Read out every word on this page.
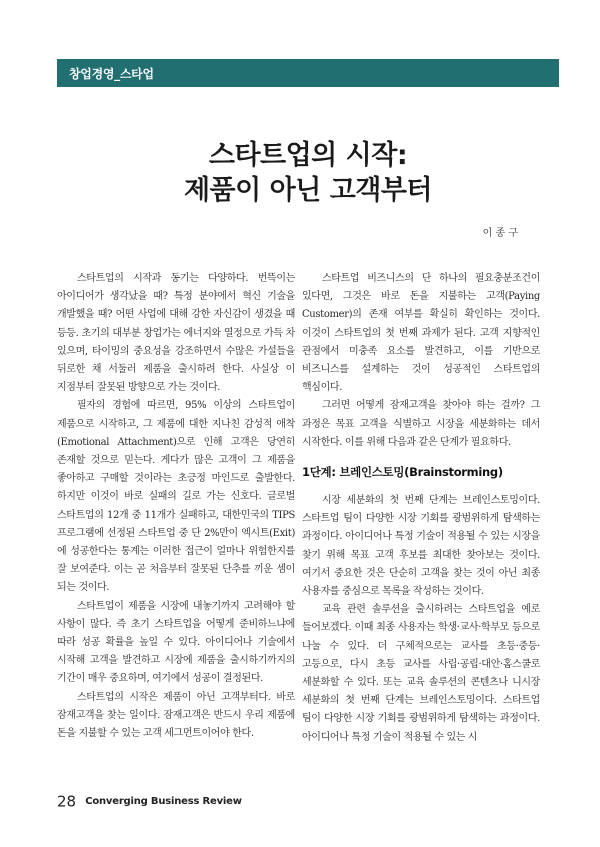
창업경영_스타업
스타트업의 시작:
제품이 아닌 고객부터
이 종 구

스타트업의 시작과 동기는 다양하다. 번뜩이는 아이디어가 생각났을 때? 특정 분야에서 혁신 기술을 개발했을 때? 어떤 사업에 대해 강한 자신감이 생겼을 때 등등. 초기의 대부분 창업가는 에너지와 열정으로 가득 차 있으며, 타이밍의 중요성을 강조하면서 수많은 가설들을 뒤로한 채 서둘러 제품을 출시하려 한다. 사실상 이 지점부터 잘못된 방향으로 가는 것이다.

필자의 경험에 따르면, 95% 이상의 스타트업이 제품으로 시작하고, 그 제품에 대한 지나친 감성적 애착(Emotional Attachment)으로 인해 고객은 당연히 존재할 것으로 믿는다. 게다가 많은 고객이 그 제품을 좋아하고 구매할 것이라는 초긍정 마인드로 출발한다. 하지만 이것이 바로 실패의 길로 가는 신호다. 글로벌 스타트업의 12개 중 11개가 실패하고, 대한민국의 TIPS 프로그램에 선정된 스타트업 중 단 2%만이 엑시트(Exit)에 성공한다는 통계는 이러한 접근이 얼마나 위험한지를 잘 보여준다. 이는 곧 처음부터 잘못된 단추를 끼운 셈이 되는 것이다.

스타트업이 제품을 시장에 내놓기까지 고려해야 할 사항이 많다. 즉 초기 스타트업을 어떻게 준비하느냐에 따라 성공 확률을 높일 수 있다. 아이디어나 기술에서 시작해 고객을 발견하고 시장에 제품을 출시하기까지의 기간이 매우 중요하며, 여기에서 성공이 결정된다.

스타트업의 시작은 제품이 아닌 고객부터다. 바로 잠재고객을 찾는 일이다. 잠재고객은 반드시 우리 제품에 돈을 지불할 수 있는 고객 세그먼트이어야 한다.

스타트업 비즈니스의 단 하나의 필요충분조건이 있다면, 그것은 바로 돈을 지불하는 고객(Paying Customer)의 존재 여부를 확실히 확인하는 것이다. 이것이 스타트업의 첫 번째 과제가 된다. 고객 지향적인 관점에서 미충족 요소를 발견하고, 이를 기반으로 비즈니스를 설계하는 것이 성공적인 스타트업의 핵심이다.

그러면 어떻게 잠재고객을 찾아야 하는 걸까? 그 과정은 목표 고객을 식별하고 시장을 세분화하는 데서 시작한다. 이를 위해 다음과 같은 단계가 필요하다.

1단계: 브레인스토밍(Brainstorming)

시장 세분화의 첫 번째 단계는 브레인스토밍이다. 스타트업 팀이 다양한 시장 기회를 광범위하게 탐색하는 과정이다. 아이디어나 특정 기술이 적용될 수 있는 시장을 찾기 위해 목표 고객 후보를 최대한 찾아보는 것이다. 여기서 중요한 것은 단순히 고객을 찾는 것이 아닌 최종 사용자를 중심으로 목록을 작성하는 것이다.

교육 관련 솔루션을 출시하려는 스타트업을 예로 들어보겠다. 이때 최종 사용자는 학생·교사·학부모 등으로 나눌 수 있다. 더 구체적으로는 교사를 초등·중등·고등으로, 다시 초등 교사를 사립·공립·대안·홈스쿨로 세분화할 수 있다. 또는 교육 솔루션의 콘텐츠나 니시장 세분화의 첫 번째 단계는 브레인스토밍이다. 스타트업 팀이 다양한 시장 기회를 광범위하게 탐색하는 과정이다. 아이디어나 특정 기술이 적용될 수 있는 시

28 Converging Business Review
